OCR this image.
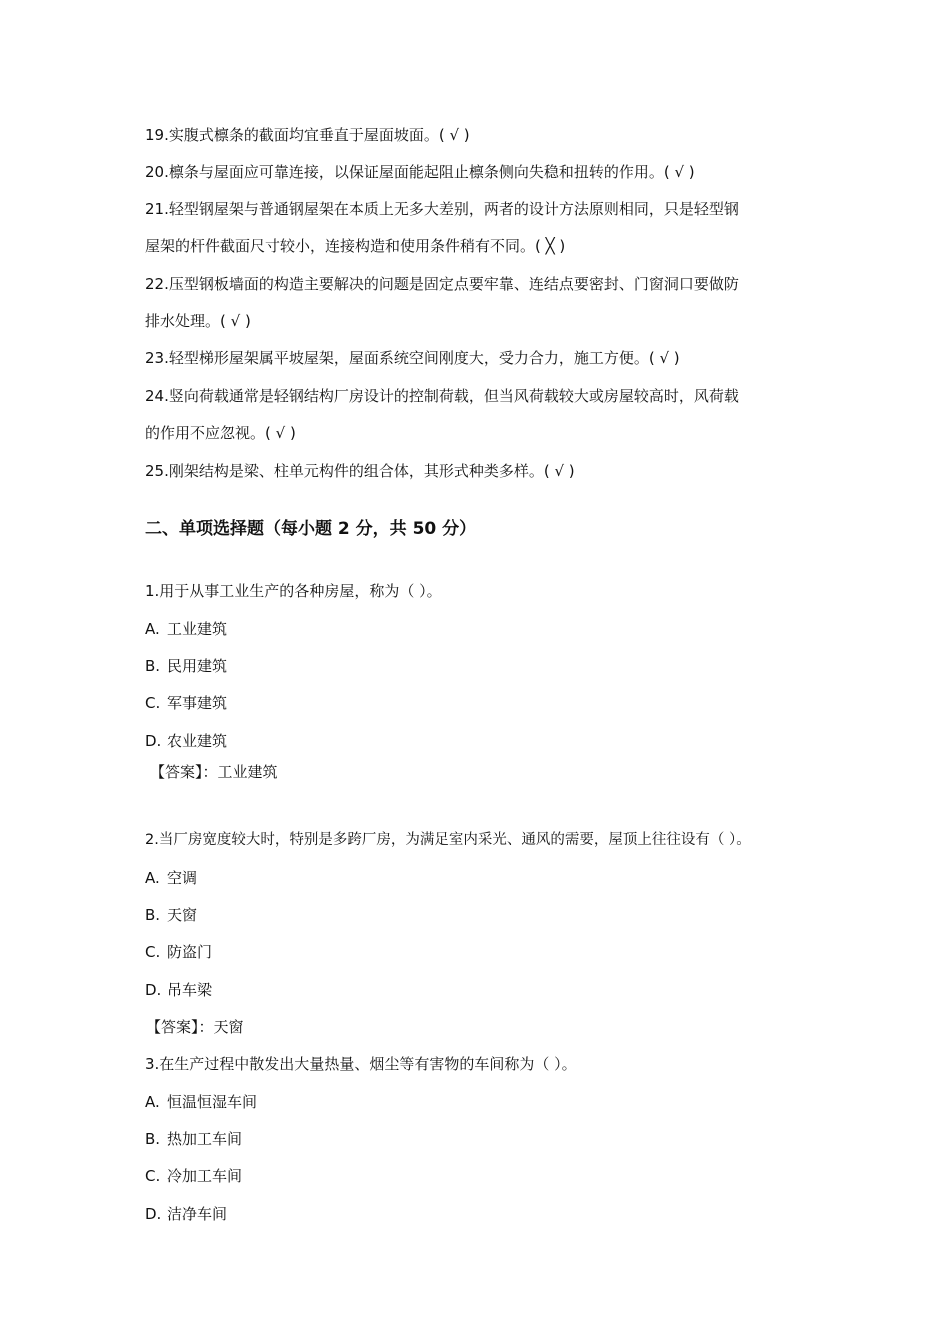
19.实腹式檩条的截面均宜垂直于屋面坡面。( √ )
20.檩条与屋面应可靠连接，以保证屋面能起阻止檩条侧向失稳和扭转的作用。( √ )
21.轻型钢屋架与普通钢屋架在本质上无多大差别，两者的设计方法原则相同，只是轻型钢
屋架的杆件截面尺寸较小，连接构造和使用条件稍有不同。( ╳ )
22.压型钢板墙面的构造主要解决的问题是固定点要牢靠、连结点要密封、门窗洞口要做防
排水处理。( √ )
23.轻型梯形屋架属平坡屋架，屋面系统空间刚度大，受力合力，施工方便。( √ )
24.竖向荷载通常是轻钢结构厂房设计的控制荷载，但当风荷载较大或房屋较高时，风荷载
的作用不应忽视。( √ )
25.刚架结构是梁、柱单元构件的组合体，其形式种类多样。( √ )
二、单项选择题（每小题 2 分，共 50 分）
1.用于从事工业生产的各种房屋，称为（ ）。
A. 工业建筑
B. 民用建筑
C. 军事建筑
D. 农业建筑
【答案】：工业建筑
2.当厂房宽度较大时，特别是多跨厂房，为满足室内采光、通风的需要，屋顶上往往设有（ ）。
A. 空调
B. 天窗
C. 防盗门
D. 吊车梁
【答案】：天窗
3.在生产过程中散发出大量热量、烟尘等有害物的车间称为（ ）。
A. 恒温恒湿车间
B. 热加工车间
C. 冷加工车间
D. 洁净车间
